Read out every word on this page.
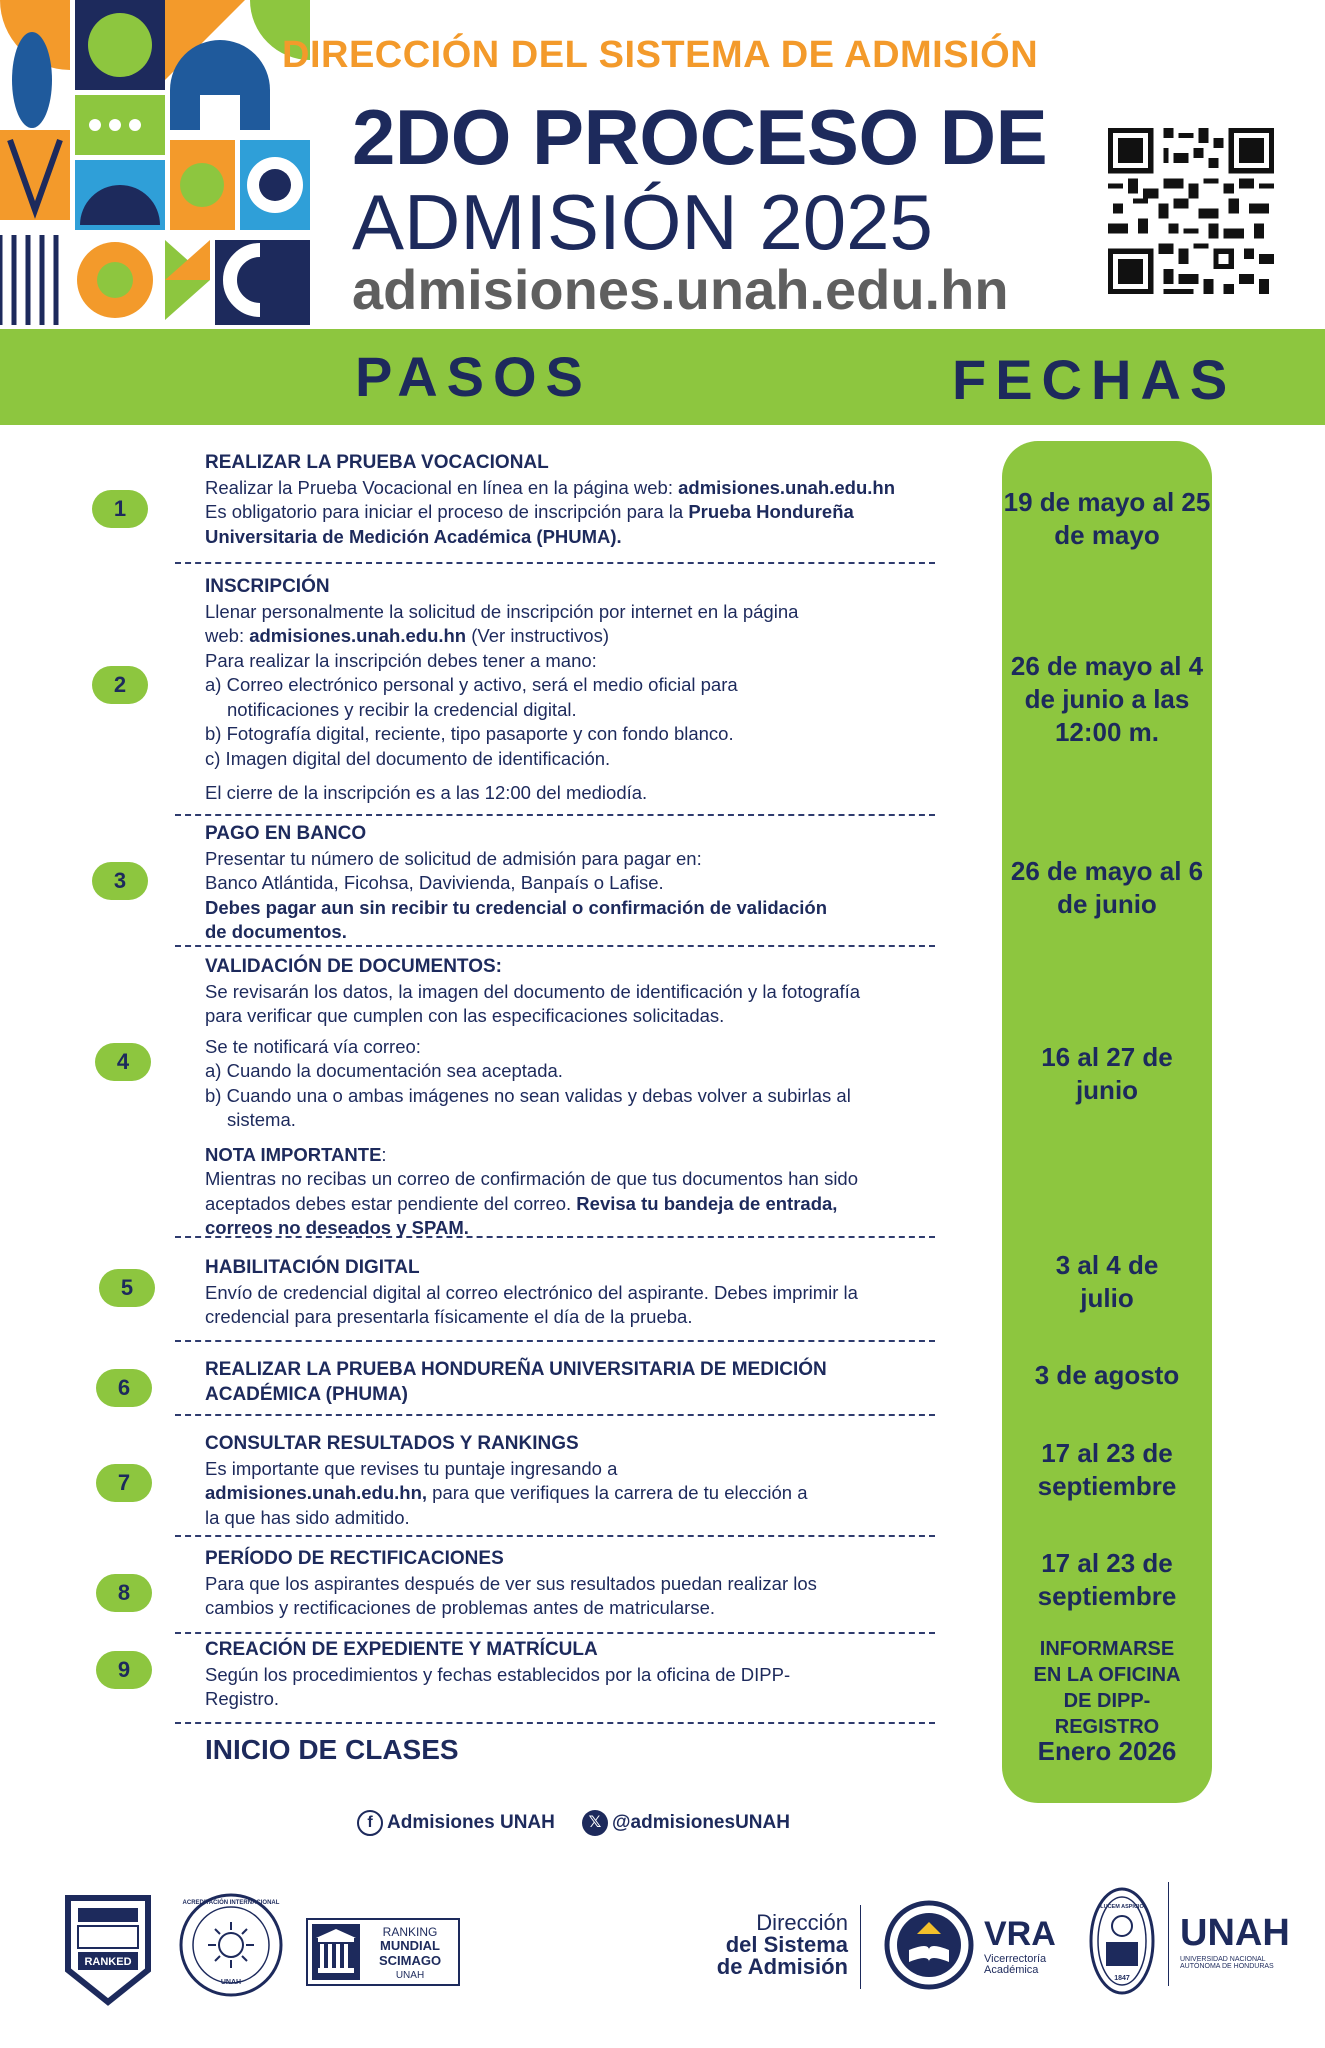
DIRECCIÓN DEL SISTEMA DE ADMISIÓN
2DO PROCESO DE
ADMISIÓN 2025
admisiones.unah.edu.hn
PASOS	FECHAS
19 de mayo al 25 de mayo
26 de mayo al 4 de junio a las 12:00 m.
26 de mayo al 6 de junio
16 al 27 de junio
3 al 4 de julio
3 de agosto
17 al 23 de septiembre
17 al 23 de septiembre
INFORMARSE EN LA OFICINA DE DIPP-REGISTRO
Enero 2026
1
2
3
4
5
6
7
8
9
REALIZAR LA PRUEBA VOCACIONAL
Realizar la Prueba Vocacional en línea en la página web: admisiones.unah.edu.hn
Es obligatorio para iniciar el proceso de inscripción para la Prueba Hondureña
Universitaria de Medición Académica (PHUMA).
INSCRIPCIÓN
Llenar personalmente la solicitud de inscripción por internet en la página
web: admisiones.unah.edu.hn (Ver instructivos)
Para realizar la inscripción debes tener a mano:
a) Correo electrónico personal y activo, será el medio oficial para
notificaciones y recibir la credencial digital.
b) Fotografía digital, reciente, tipo pasaporte y con fondo blanco.
c) Imagen digital del documento de identificación.
El cierre de la inscripción es a las 12:00 del mediodía.
PAGO EN BANCO
Presentar tu número de solicitud de admisión para pagar en:
Banco Atlántida, Ficohsa, Davivienda, Banpaís o Lafise.
Debes pagar aun sin recibir tu credencial o confirmación de validación
de documentos.
VALIDACIÓN DE DOCUMENTOS:
Se revisarán los datos, la imagen del documento de identificación y la fotografía
para verificar que cumplen con las especificaciones solicitadas.
Se te notificará vía correo:
a) Cuando la documentación sea aceptada.
b) Cuando una o ambas imágenes no sean validas y debas volver a subirlas al
sistema.
NOTA IMPORTANTE:
Mientras no recibas un correo de confirmación de que tus documentos han sido
aceptados debes estar pendiente del correo. Revisa tu bandeja de entrada,
correos no deseados y SPAM.
HABILITACIÓN DIGITAL
Envío de credencial digital al correo electrónico del aspirante. Debes imprimir la
credencial para presentarla físicamente el día de la prueba.
REALIZAR LA PRUEBA HONDUREÑA UNIVERSITARIA DE MEDICIÓN ACADÉMICA (PHUMA)
CONSULTAR RESULTADOS Y RANKINGS
Es importante que revises tu puntaje ingresando a
admisiones.unah.edu.hn, para que verifiques la carrera de tu elección a
la que has sido admitido.
PERÍODO DE RECTIFICACIONES
Para que los aspirantes después de ver sus resultados puedan realizar los
cambios y rectificaciones de problemas antes de matricularse.
CREACIÓN DE EXPEDIENTE Y MATRÍCULA
Según los procedimientos y fechas establecidos por la oficina de DIPP-
Registro.
INICIO DE CLASES
f Admisiones UNAH	𝕏 @admisionesUNAH
RANKED
ACREDITACIÓN INTERNACIONAL
UNAH
RANKING
MUNDIAL
SCIMAGO
UNAH
Dirección
del Sistema
de Admisión
VRA
Vicerrectoría
Académica
LUCEM ASPICIO
1847
UNAH
UNIVERSIDAD NACIONAL
AUTÓNOMA DE HONDURAS
